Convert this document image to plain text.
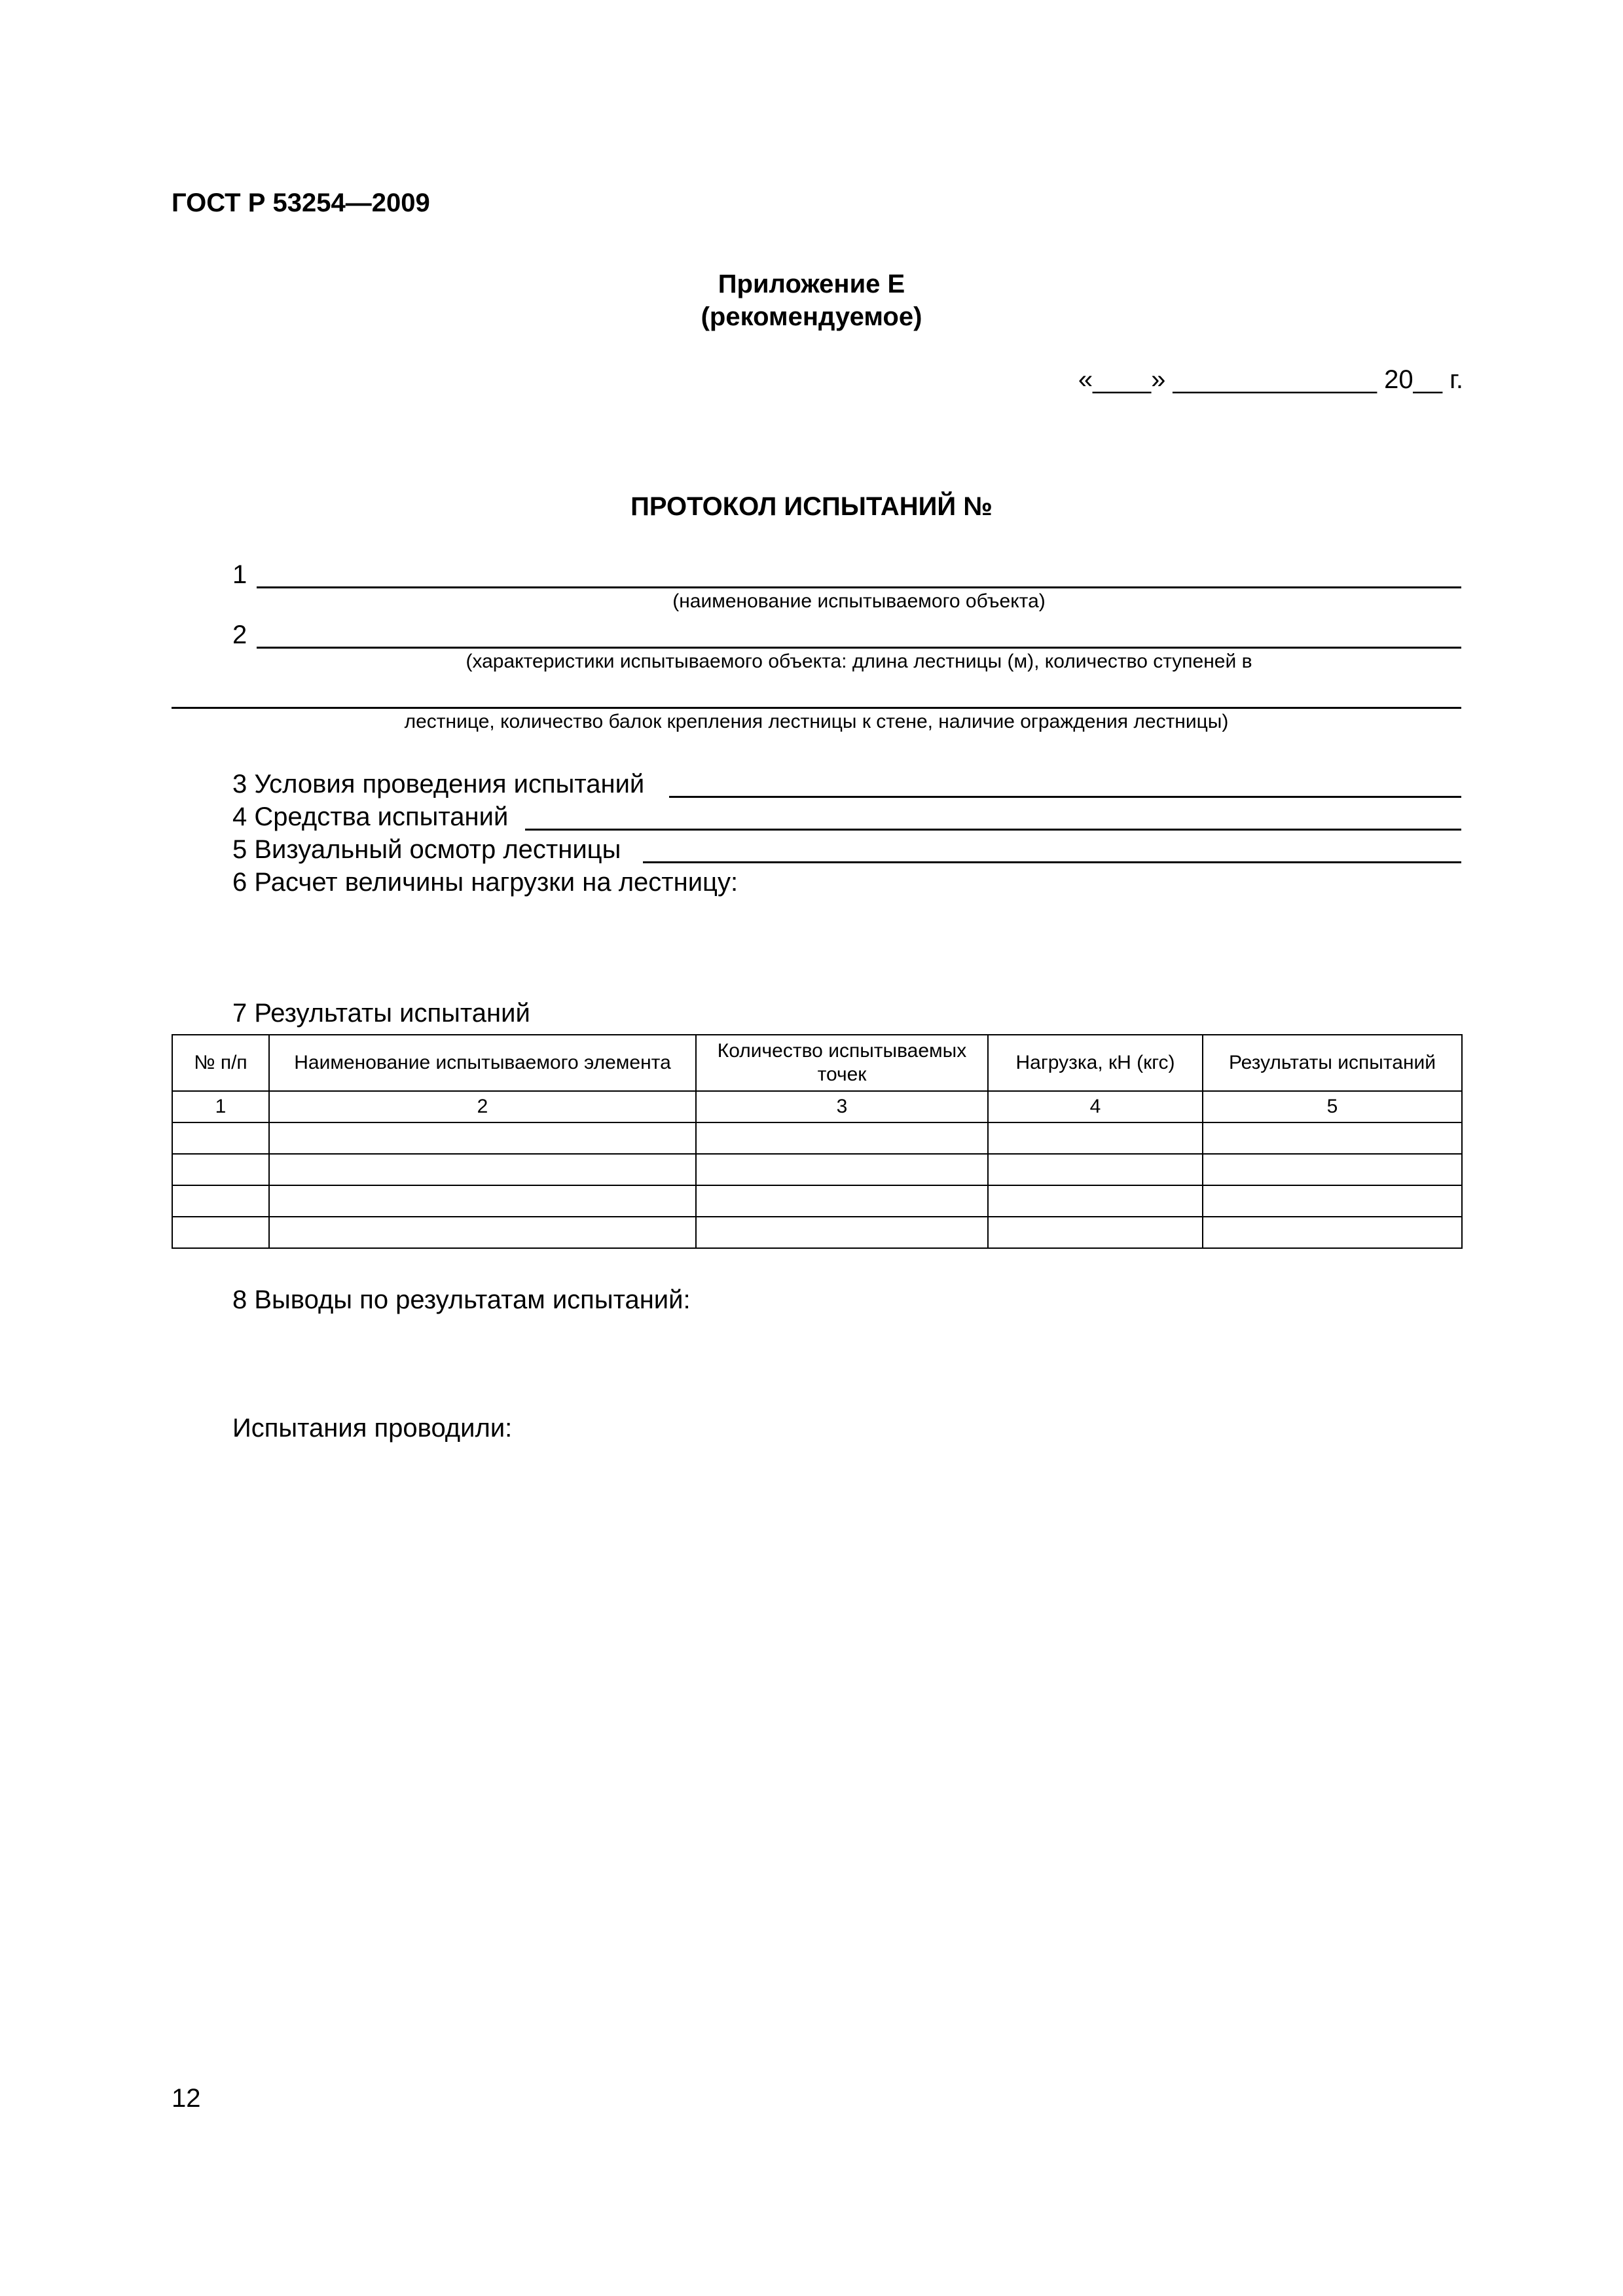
ГОСТ Р 53254—2009
Приложение Е
(рекомендуемое)
«____» ______________ 20__ г.
ПРОТОКОЛ ИСПЫТАНИЙ №
1
(наименование испытываемого объекта)
2
(характеристики испытываемого объекта: длина лестницы (м), количество ступеней в
лестнице, количество балок крепления лестницы к стене, наличие ограждения лестницы)
3 Условия проведения испытаний
4 Средства испытаний
5 Визуальный осмотр лестницы
6 Расчет величины нагрузки на лестницу:
7 Результаты испытаний
№ п/п	Наименование испытываемого элемента	Количество испытываемых точек	Нагрузка, кН (кгс)	Результаты испытаний
1	2	3	4	5

8 Выводы по результатам испытаний:
Испытания проводили:
12
